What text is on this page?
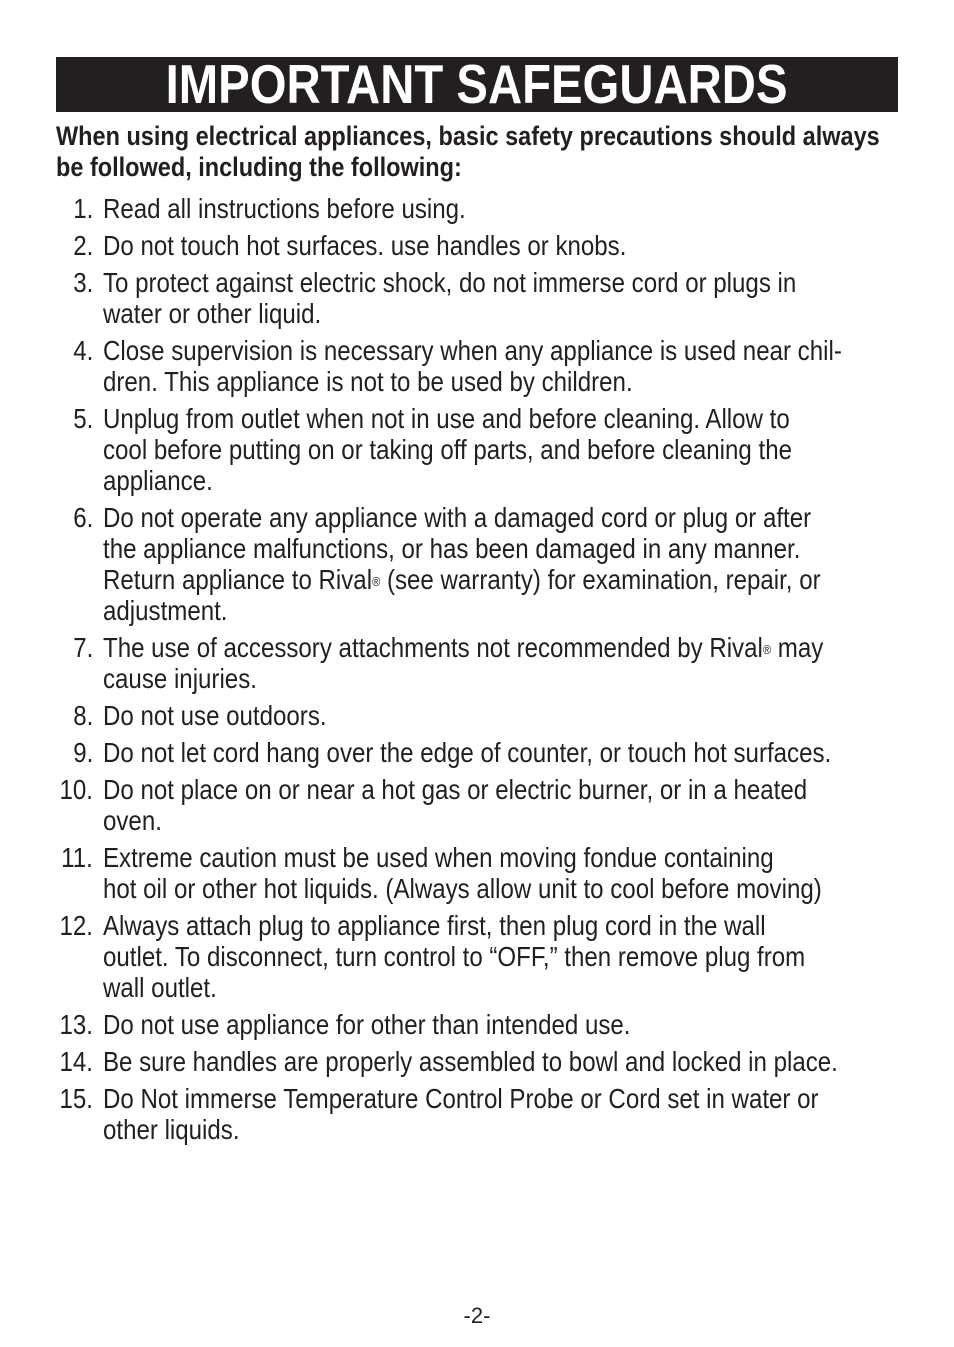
IMPORTANT SAFEGUARDS
When using electrical appliances, basic safety precautions should always
be followed, including the following:
1. Read all instructions before using.
2. Do not touch hot surfaces. use handles or knobs.
3. To protect against electric shock, do not immerse cord or plugs in
water or other liquid.
4. Close supervision is necessary when any appliance is used near chil-
dren. This appliance is not to be used by children.
5. Unplug from outlet when not in use and before cleaning. Allow to
cool before putting on or taking off parts, and before cleaning the
appliance.
6. Do not operate any appliance with a damaged cord or plug or after
the appliance malfunctions, or has been damaged in any manner.
Return appliance to Rival® (see warranty) for examination, repair, or
adjustment.
7. The use of accessory attachments not recommended by Rival® may
cause injuries.
8. Do not use outdoors.
9. Do not let cord hang over the edge of counter, or touch hot surfaces.
10. Do not place on or near a hot gas or electric burner, or in a heated
oven.
11. Extreme caution must be used when moving fondue containing
hot oil or other hot liquids. (Always allow unit to cool before moving)
12. Always attach plug to appliance first, then plug cord in the wall
outlet. To disconnect, turn control to “OFF,” then remove plug from
wall outlet.
13. Do not use appliance for other than intended use.
14. Be sure handles are properly assembled to bowl and locked in place.
15. Do Not immerse Temperature Control Probe or Cord set in water or
other liquids.
-2-
